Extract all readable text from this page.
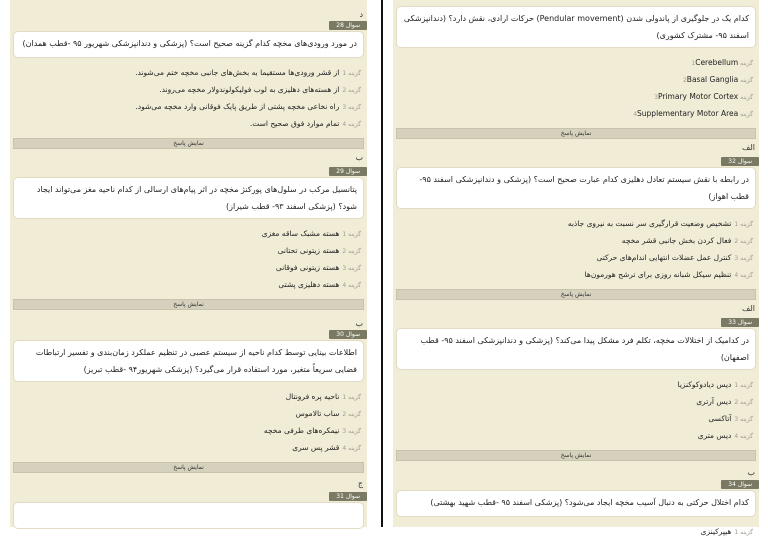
د
سوال 28
در مورد ورودی‌های مخچه کدام گزینه صحیح است؟ (پزشکی و دندانپزشکی شهریور ۹۵ -قطب همدان)
گزینه 1از قشر ورودی‌ها مستقیما به بخش‌های جانبی مخچه ختم می‌شوند.
گزینه 2از هسته‌های دهلیزی به لوب فولیکولوندولار مخچه می‌روند.
گزینه 3راه نخاعی مخچه پشتی از طریق پایک فوقانی وارد مخچه می‌شود.
گزینه 4تمام موارد فوق صحیح است.
نمایش پاسخ
ب
سوال 29
پتانسیل مرکب در سلول‌های پورکنژ مخچه در اثر پیام‌های ارسالی از کدام ناحیه مغز می‌تواند ایجاد شود؟ (پزشکی اسفند ۹۳- قطب شیراز)
گزینه 1هسته مشبک ساقه مغزی
گزینه 2هسته زیتونی تحتانی
گزینه 3هسته زیتونی فوقانی
گزینه 4هسته دهلیزی پشتی
نمایش پاسخ
ب
سوال 30
اطلاعات بینایی توسط کدام ناحیه از سیستم عصبی در تنظیم عملکرد زمان‌بندی و تفسیر ارتباطات فضایی سریعاً متغیر، مورد استفاده قرار می‌گیرد؟ (پزشکی شهریور۹۴ -قطب تبریز)
گزینه 1ناحیه پره فرونتال
گزینه 2ساب تالاموس
گزینه 3نیمکره‌های طرفی مخچه
گزینه 4قشر پس سری
نمایش پاسخ
ج
سوال 31
کدام یک در جلوگیری از پاندولی شدن (Pendular movement) حرکات ارادی، نقش دارد؟ (دندانپزشکی اسفند ۹۵- مشترک کشوری)
گزینه 1Cerebellum
گزینه 2Basal Ganglia
گزینه 3Primary Motor Cortex
گزینه 4Supplementary Motor Area
نمایش پاسخ
الف
سوال 32
در رابطه با نقش سیستم تعادل دهلیزی کدام عبارت صحیح است؟ (پزشکی و دندانپزشکی اسفند ۹۵- قطب اهواز)
گزینه 1تشخیص وضعیت قرارگیری سر نسبت به نیروی جاذبه
گزینه 2فعال کردن بخش جانبی قشر مخچه
گزینه 3کنترل عمل عضلات انتهایی اندام‌های حرکتی
گزینه 4تنظیم سیکل شبانه روزی برای ترشح هورمون‌ها
نمایش پاسخ
الف
سوال 33
در کدامیک از اختلالات مخچه، تکلم فرد مشکل پیدا می‌کند؟ (پزشکی و دندانپزشکی اسفند ۹۵- قطب اصفهان)
گزینه 1دیس دیادوکوکنزیا
گزینه 2دیس آرتری
گزینه 3آتاکسی
گزینه 4دیس متری
نمایش پاسخ
ب
سوال 34
کدام اختلال حرکتی به دنبال آسیب مخچه ایجاد می‌شود؟ (پزشکی اسفند ۹۵ -قطب شهید بهشتی)
گزینه 1هیپرکینزی
